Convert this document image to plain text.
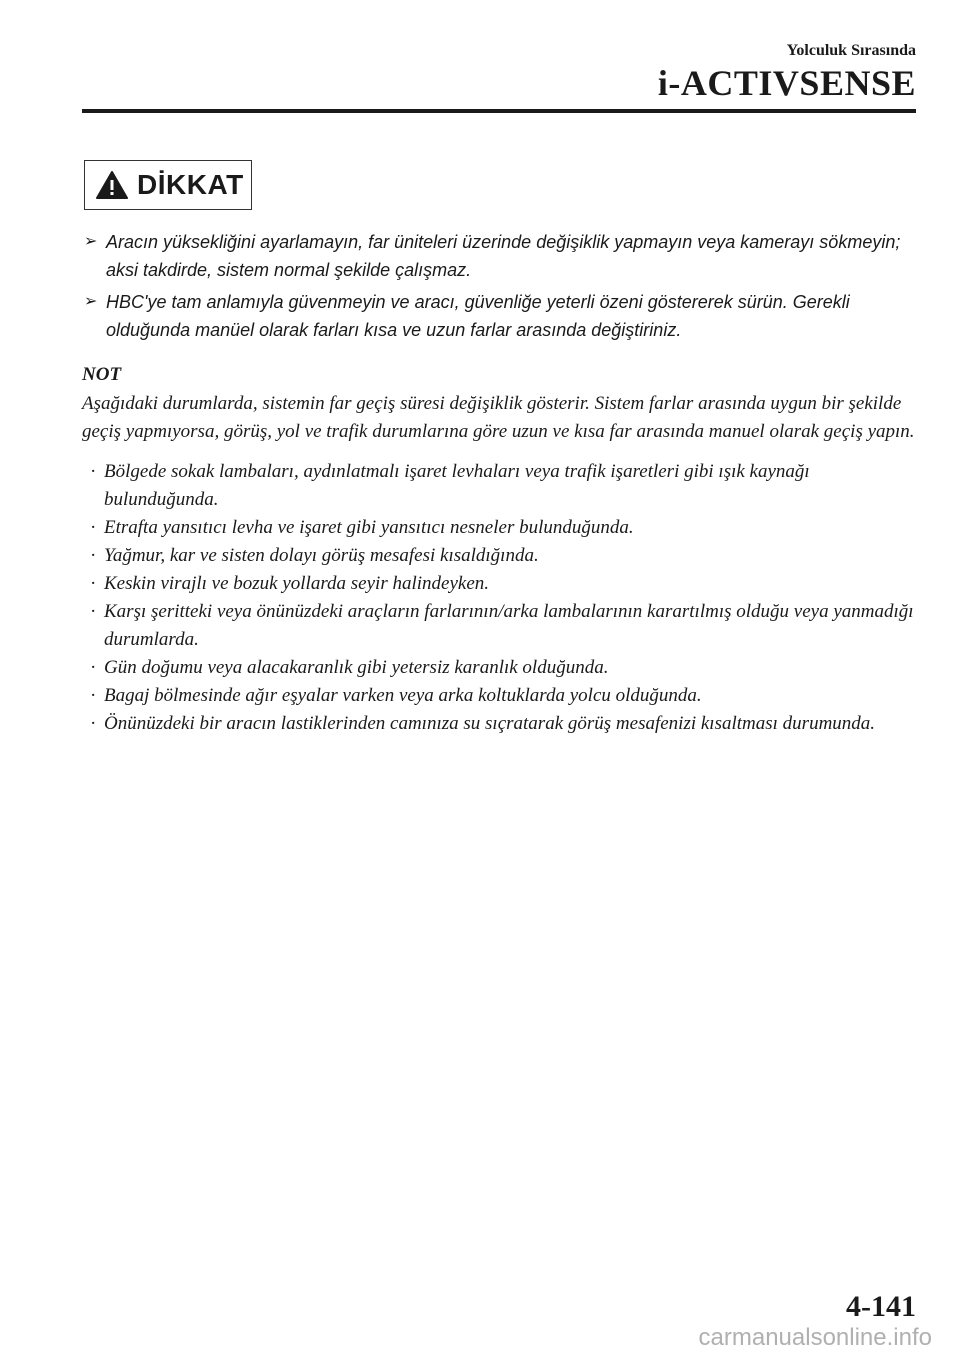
Yolculuk Sırasında
i-ACTIVSENSE
DİKKAT
➢ Aracın yüksekliğini ayarlamayın, far üniteleri üzerinde değişiklik yapmayın veya kamerayı sökmeyin; aksi takdirde, sistem normal şekilde çalışmaz.
➢ HBC'ye tam anlamıyla güvenmeyin ve aracı, güvenliğe yeterli özeni göstererek sürün. Gerekli olduğunda manüel olarak farları kısa ve uzun farlar arasında değiştiriniz.
NOT

Aşağıdaki durumlarda, sistemin far geçiş süresi değişiklik gösterir. Sistem farlar arasında uygun bir şekilde geçiş yapmıyorsa, görüş, yol ve trafik durumlarına göre uzun ve kısa far arasında manuel olarak geçiş yapın.

· Bölgede sokak lambaları, aydınlatmalı işaret levhaları veya trafik işaretleri gibi ışık kaynağı bulunduğunda.
· Etrafta yansıtıcı levha ve işaret gibi yansıtıcı nesneler bulunduğunda.
· Yağmur, kar ve sisten dolayı görüş mesafesi kısaldığında.
· Keskin virajlı ve bozuk yollarda seyir halindeyken.
· Karşı şeritteki veya önünüzdeki araçların farlarının/arka lambalarının karartılmış olduğu veya yanmadığı durumlarda.
· Gün doğumu veya alacakaranlık gibi yetersiz karanlık olduğunda.
· Bagaj bölmesinde ağır eşyalar varken veya arka koltuklarda yolcu olduğunda.
· Önünüzdeki bir aracın lastiklerinden camınıza su sıçratarak görüş mesafenizi kısaltması durumunda.
4-141
carmanualsonline.info
